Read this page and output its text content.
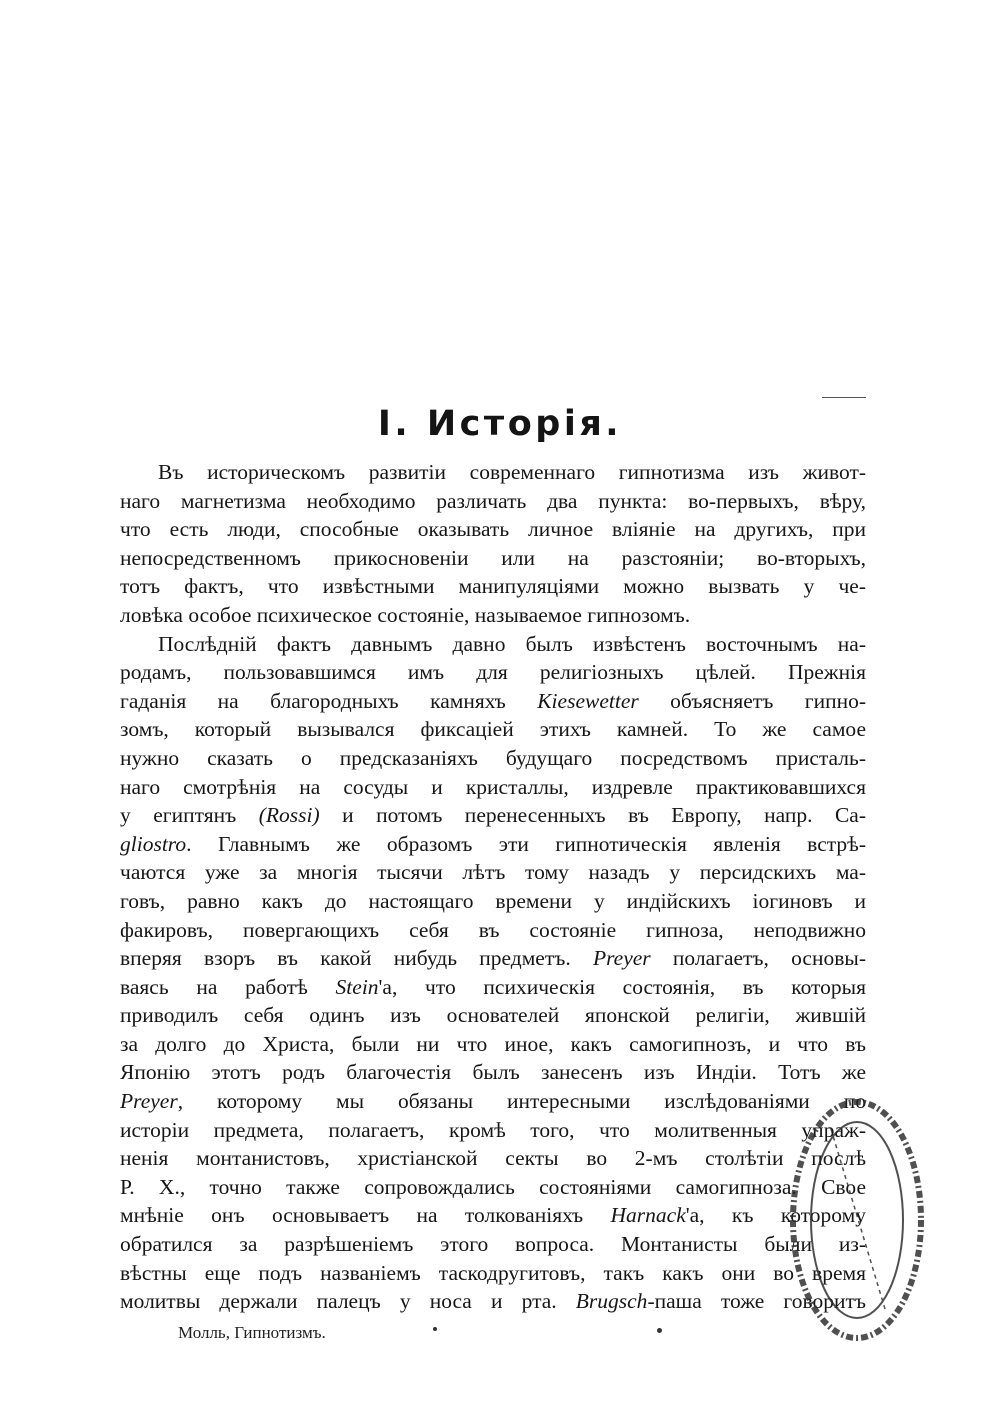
I. Исторія.
Въ историческомъ развитіи современнаго гипнотизма изъ живот-
наго магнетизма необходимо различать два пункта: во-первыхъ, вѣру,
что есть люди, способные оказывать личное вліяніе на другихъ, при
непосредственномъ прикосновеніи или на разстояніи; во-вторыхъ,
тотъ фактъ, что извѣстными манипуляціями можно вызвать у че-
ловѣка особое психическое состояніе, называемое гипнозомъ.
Послѣдній фактъ давнымъ давно былъ извѣстенъ восточнымъ на-
родамъ, пользовавшимся имъ для религіозныхъ цѣлей. Прежнія
гаданія на благородныхъ камняхъ Kiesewetter объясняетъ гипно-
зомъ, который вызывался фиксаціей этихъ камней. То же самое
нужно сказать о предсказаніяхъ будущаго посредствомъ присталь-
наго смотрѣнія на сосуды и кристаллы, издревле практиковавшихся
у египтянъ (Rossi) и потомъ перенесенныхъ въ Европу, напр. Ca-
gliostro. Главнымъ же образомъ эти гипнотическія явленія встрѣ-
чаются уже за многія тысячи лѣтъ тому назадъ у персидскихъ ма-
говъ, равно какъ до настоящаго времени у индійскихъ іогиновъ и
факировъ, повергающихъ себя въ состояніе гипноза, неподвижно
вперяя взоръ въ какой нибудь предметъ. Preyer полагаетъ, основы-
ваясь на работѣ Stein'а, что психическія состоянія, въ которыя
приводилъ себя одинъ изъ основателей японской религіи, жившій
за долго до Христа, были ни что иное, какъ самогипнозъ, и что въ
Японію этотъ родъ благочестія былъ занесенъ изъ Индіи. Тотъ же
Preyer, которому мы обязаны интересными изслѣдованіями по
исторіи предмета, полагаетъ, кромѣ того, что молитвенныя упраж-
ненія монтанистовъ, христіанской секты во 2-мъ столѣтіи послѣ
Р. Х., точно также сопровождались состояніями самогипноза. Свое
мнѣніе онъ основываетъ на толкованіяхъ Harnack'а, къ которому
обратился за разрѣшеніемъ этого вопроса. Монтанисты были из-
вѣстны еще подъ названіемъ таскодругитовъ, такъ какъ они во время
молитвы держали палецъ у носа и рта. Brugsch-паша тоже говоритъ
Молль, Гипнотизмъ.
